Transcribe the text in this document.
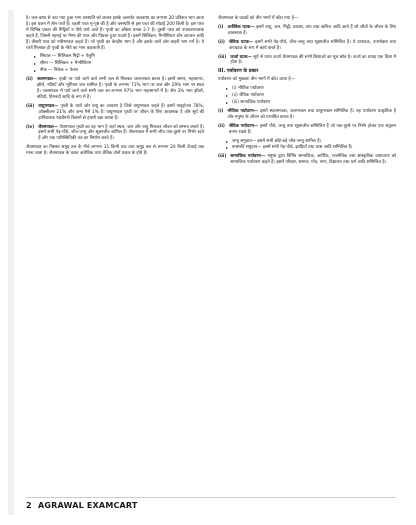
है। जल-वाष्प से उठा गया हुआ भाग वनस्पति को जाकर इसके अन्तर्गत जलवाष्प का लगभग 20 प्रतिशत भाग आता है। इस वजन में तीन परतें हैं। पहली परत मृ-पृष्ठ की है और वनस्पति से इस परत की मोटाई 200 किमी है। इस परत में विभिन्न प्रकार की मिट्टियाँ व पौधे पाये जाते हैं। पृथ्वी का औसत घनत्व 2.7 है। दूसरी परत को उपावरणधारक कहते हैं, जिसमें गहराई पर मैग्मा की परत और पिघला हुआ पदार्थ है। इसमें सिलिकन, मैग्नीशियम और आयरन आदि हैं। तीसरी परत को पारिमण्डल कहते हैं। जो पृथ्वी का केन्द्रीय भाग है और इसके चारों ओर बाहरी भाग गर्म है। ये परतें मिलकर ही पृथ्वी के नीचे का भाग कहलाती हैं।

▸ सियाल — सिलिकन मिट्टी + ऐलुमि
▸ सीमा — सिलिकन + मैग्नीशियम
▸ नीफ — निकेल + फेरस
(ii) जलमण्डल— पृथ्वी पर पाये जाने वाले सभी जल से मिलकर जलमण्डल बनता है। इसमें सागर, महासागर, झीलें, नदियाँ और भूमिगत जल शामिल हैं। पृथ्वी के लगभग 71% भाग पर जल और 29% भाग पर स्थल है। जलमण्डल में पाये जाने वाले सभी जल का लगभग 97% भाग महासागरों में है। शेष 3% भाग झीलों, नदियों, हिमनदों आदि के रूप में है।
(iii) वायुमण्डल— पृथ्वी के चारों ओर वायु का आवरण है जिसे वायुमण्डल कहते हैं। इसमें नाइट्रोजन 78%, ऑक्सीजन 21% और अन्य गैसें 1% हैं। वायुमण्डल पृथ्वी पर जीवन के लिए आवश्यक है और सूर्य की हानिकारक पराबैंगनी किरणों से हमारी रक्षा करता है।
(iv) जैवमण्डल— जैवमण्डल पृथ्वी का वह भाग है जहाँ स्थल, जल और वायु मिलकर जीवन को सम्भव बनाते हैं। इसमें सभी पेड़-पौधे, जीव-जन्तु और सूक्ष्मजीव शामिल हैं। जैवमण्डल में सभी जीव एक-दूसरे पर निर्भर रहते हैं और एक पारिस्थितिकी तंत्र का निर्माण करते हैं।

जैवमण्डल का विस्तार समुद्र तल के नीचे लगभग 11 किमी तक तथा समुद्र तल से लगभग 20 किमी ऊँचाई तक माना जाता है। जैवमण्डल के घटक अजैविक तथा जैविक दोनों प्रकार के होते हैं।

जैवमण्डल के घटकों को तीन भागों में बाँटा गया है—

(i) अजैविक घटक— इसमें वायु, जल, मिट्टी, प्रकाश, ताप तथा खनिज आदि आते हैं जो जीवों के जीवन के लिए आवश्यक हैं।
(ii) जैविक घटक— इसमें सभी पेड़-पौधे, जीव-जन्तु तथा सूक्ष्मजीव सम्मिलित हैं। ये उत्पादक, उपभोक्ता तथा अपघटक के रूप में कार्य करते हैं।
(iii) ऊर्जा घटक— सूर्य से प्राप्त ऊर्जा जैवमण्डल की सभी क्रियाओं का मूल स्रोत है। ऊर्जा का प्रवाह एक दिशा में होता है।
III. पर्यावरण के प्रकार

पर्यावरण को मुख्यतः तीन भागों में बाँटा जाता है—

▸ (i) भौतिक पर्यावरण
▸ (ii) जैविक पर्यावरण
▸ (iii) सामाजिक पर्यावरण
(i) भौतिक पर्यावरण— इसमें स्थलमण्डल, जलमण्डल तथा वायुमण्डल सम्मिलित हैं। यह पर्यावरण प्राकृतिक है और मनुष्य के जीवन को प्रभावित करता है।
(ii) जैविक पर्यावरण— इसमें पौधे, जन्तु तथा सूक्ष्मजीव सम्मिलित हैं जो एक-दूसरे पर निर्भर होकर एक संतुलन बनाए रखते हैं।
▸ जन्तु समुदाय— इसमें सभी छोटे-बड़े जीव-जन्तु शामिल हैं।
▸ वनस्पति समुदाय— इसमें सभी पेड़-पौधे, झाड़ियाँ तथा घास आदि सम्मिलित हैं।
(iii) सामाजिक पर्यावरण— मनुष्य द्वारा निर्मित सामाजिक, आर्थिक, राजनैतिक तथा सांस्कृतिक वातावरण को सामाजिक पर्यावरण कहते हैं। इसमें परिवार, समाज, गाँव, नगर, विद्यालय तथा धर्म आदि सम्मिलित हैं।
2 AGRAWAL EXAMCART
